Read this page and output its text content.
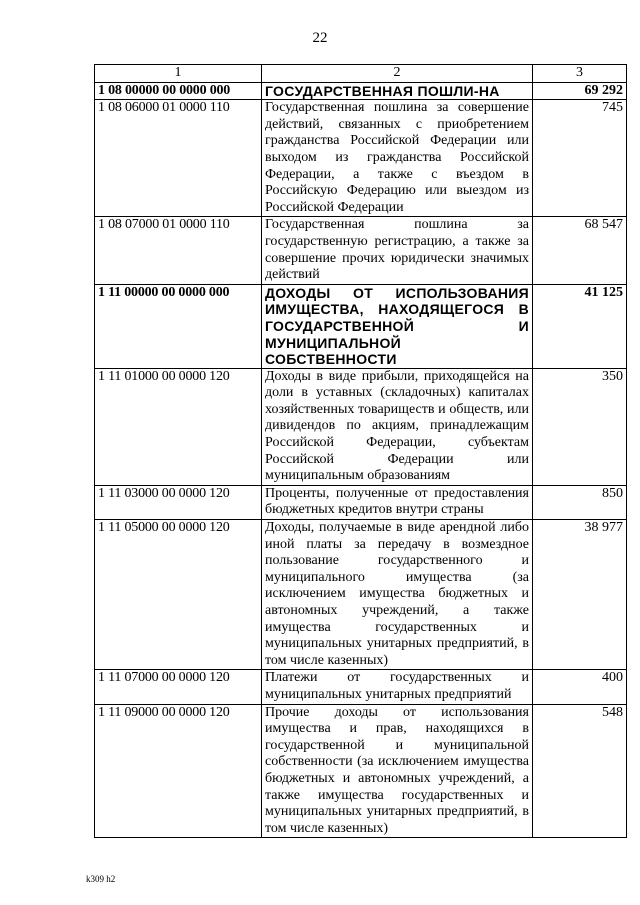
22
1	2	3
1 08 00000 00 0000 000	ГОСУДАРСТВЕННАЯ ПОШЛИ-НА	69 292
1 08 06000 01 0000 110	Государственная пошлина за совершение действий, связанных с приобретением гражданства Российской Федерации или выходом из гражданства Российской Федерации, а также с въездом в Российскую Федерацию или выездом из Российской Федерации	745
1 08 07000 01 0000 110	Государственная пошлина за государственную регистрацию, а также за совершение прочих юридически значимых действий	68 547
1 11 00000 00 0000 000	ДОХОДЫ ОТ ИСПОЛЬЗОВАНИЯ ИМУЩЕСТВА, НАХОДЯЩЕГОСЯ В ГОСУДАРСТВЕННОЙ И МУНИЦИПАЛЬНОЙ СОБСТВЕННОСТИ	41 125
1 11 01000 00 0000 120	Доходы в виде прибыли, приходящейся на доли в уставных (складочных) капиталах хозяйственных товариществ и обществ, или дивидендов по акциям, принадлежащим Российской Федерации, субъектам Российской Федерации или муниципальным образованиям	350
1 11 03000 00 0000 120	Проценты, полученные от предоставления бюджетных кредитов внутри страны	850
1 11 05000 00 0000 120	Доходы, получаемые в виде арендной либо иной платы за передачу в возмездное пользование государственного и муниципального имущества (за исключением имущества бюджетных и автономных учреждений, а также имущества государственных и муниципальных унитарных предприятий, в том числе казенных)	38 977
1 11 07000 00 0000 120	Платежи от государственных и муниципальных унитарных предприятий	400
1 11 09000 00 0000 120	Прочие доходы от использования имущества и прав, находящихся в государственной и муниципальной собственности (за исключением имущества бюджетных и автономных учреждений, а также имущества государственных и муниципальных унитарных предприятий, в том числе казенных)	548
k309 h2
